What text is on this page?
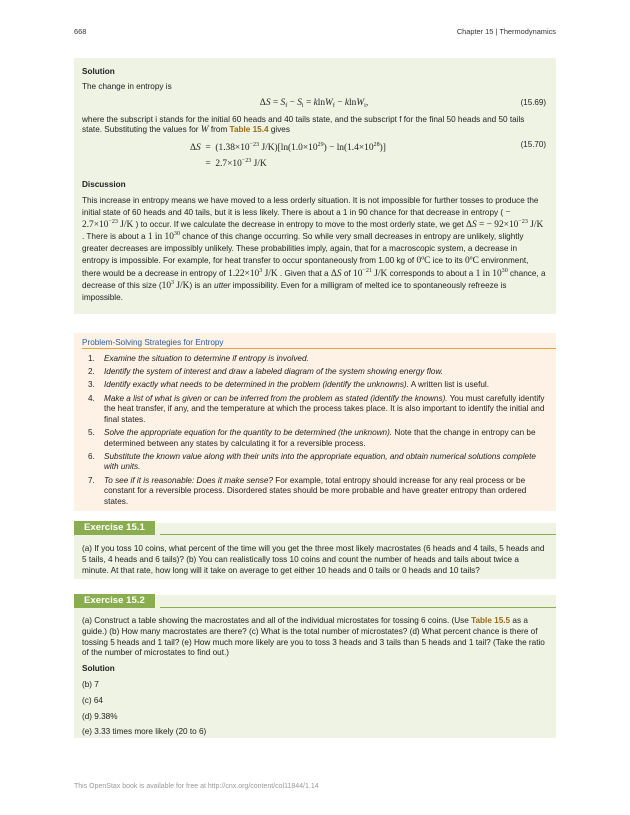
668	Chapter 15 | Thermodynamics

Solution

The change in entropy is

$\Delta S = S_f - S_i = klnW_f - klnW_i$,	(15.69)

where the subscript i stands for the initial 60 heads and 40 tails state, and the subscript f for the final 50 heads and 50 tails state. Substituting the values for W from Table 15.4 gives

$\Delta S = (1.38\times 10^{-23}$ $J/K)[\ln(1.0\times 10^{29}) - \ln(1.4\times 10^{28})]$
=  $2.7\times 10^{-23}$ J/K
(15.70)

Discussion

This increase in entropy means we have moved to a less orderly situation. It is not impossible for further tosses to produce the initial state of 60 heads and 40 tails, but it is less likely. There is about a 1 in 90 chance for that decrease in entropy ( − $2.7\times 10^{-23}$ J/K ) to occur. If we calculate the decrease in entropy to move to the most orderly state, we get ΔS = − $92\times 10^{-23}$ J/K . There is about a 1 in $10^{30}$ chance of this change occurring. So while very small decreases in entropy are unlikely, slightly greater decreases are impossibly unlikely. These probabilities imply, again, that for a macroscopic system, a decrease in entropy is impossible. For example, for heat transfer to occur spontaneously from 1.00 kg of 0ºC ice to its 0ºC environment, there would be a decrease in entropy of $1.22\times 10^3$ J/K . Given that a ΔS of $10^{-21}$ J/K corresponds to about a 1 in $10^{30}$ chance, a decrease of this size ($10^3$ J/K) is an utter impossibility. Even for a milligram of melted ice to spontaneously refreeze is impossible.

Problem-Solving Strategies for Entropy
1. Examine the situation to determine if entropy is involved.
2. Identify the system of interest and draw a labeled diagram of the system showing energy flow.
3. Identify exactly what needs to be determined in the problem (identify the unknowns). A written list is useful.
4. Make a list of what is given or can be inferred from the problem as stated (identify the knowns). You must carefully identify the heat transfer, if any, and the temperature at which the process takes place. It is also important to identify the initial and final states.
5. Solve the appropriate equation for the quantity to be determined (the unknown). Note that the change in entropy can be determined between any states by calculating it for a reversible process.
6. Substitute the known value along with their units into the appropriate equation, and obtain numerical solutions complete with units.
7. To see if it is reasonable: Does it make sense? For example, total entropy should increase for any real process or be constant for a reversible process. Disordered states should be more probable and have greater entropy than ordered states.

(a) If you toss 10 coins, what percent of the time will you get the three most likely macrostates (6 heads and 4 tails, 5 heads and 5 tails, 4 heads and 6 tails)? (b) You can realistically toss 10 coins and count the number of heads and tails about twice a minute. At that rate, how long will it take on average to get either 10 heads and 0 tails or 0 heads and 10 tails?

Exercise 15.1

(a) Construct a table showing the macrostates and all of the individual microstates for tossing 6 coins. (Use Table 15.5 as a guide.) (b) How many macrostates are there? (c) What is the total number of microstates? (d) What percent chance is there of tossing 5 heads and 1 tail? (e) How much more likely are you to toss 3 heads and 3 tails than 5 heads and 1 tail? (Take the ratio of the number of microstates to find out.)

Solution

(b) 7

(c) 64

(d) 9.38%

(e) 3.33 times more likely (20 to 6)

Exercise 15.2
This OpenStax book is available for free at http://cnx.org/content/col11844/1.14
